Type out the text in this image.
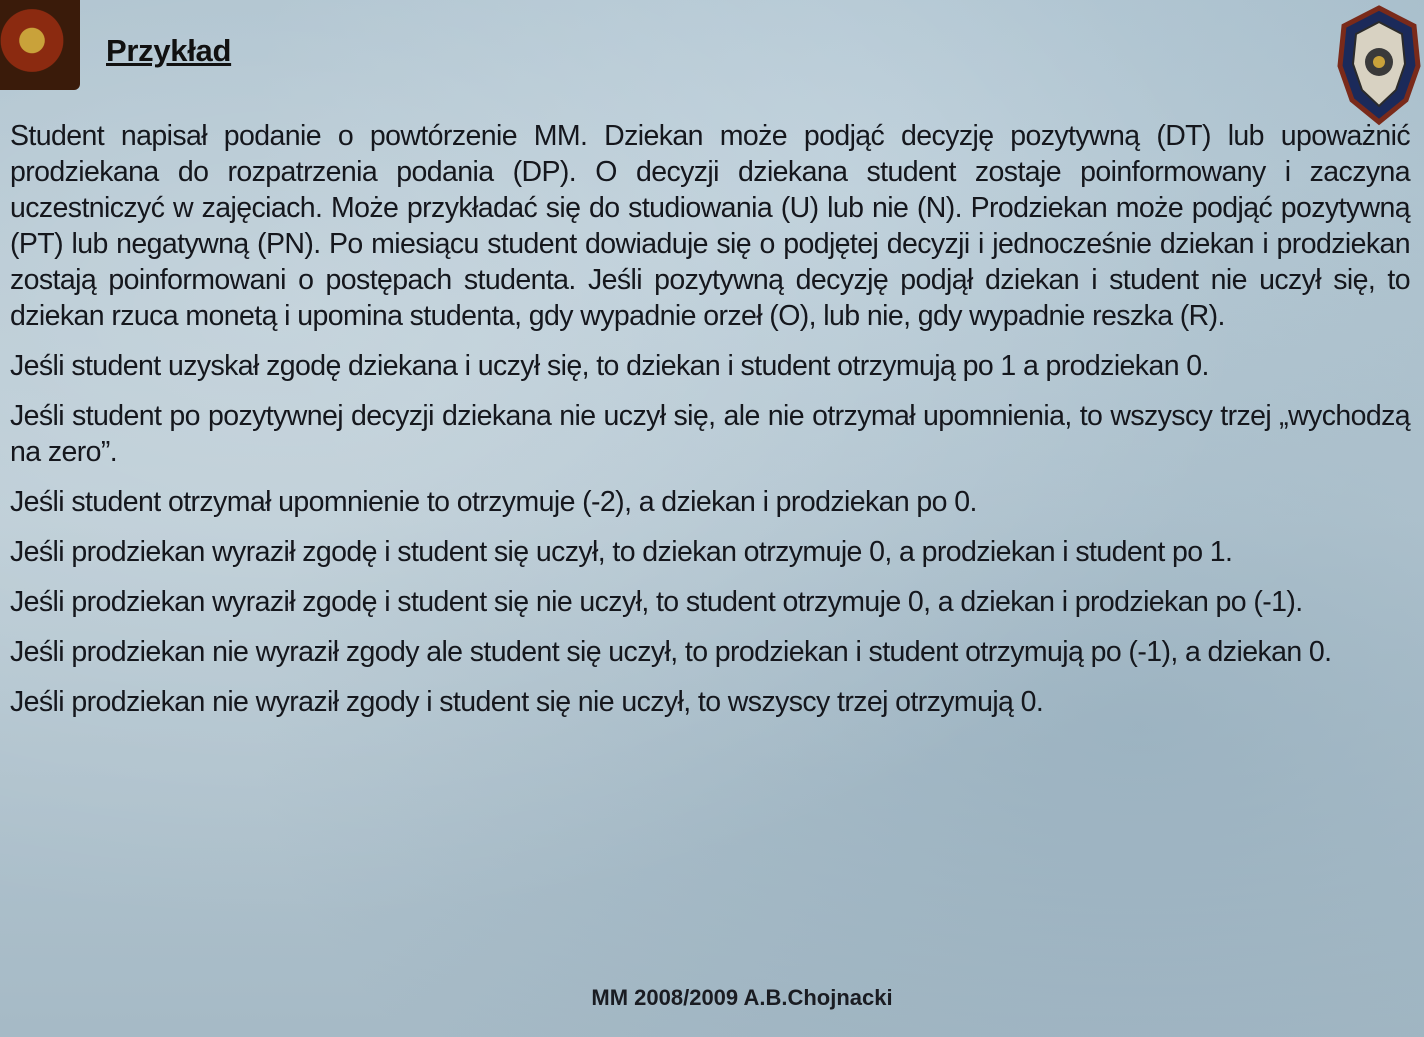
Przykład

Student napisał podanie o powtórzenie MM. Dziekan może podjąć decyzję pozytywną (DT) lub upoważnić prodziekana do rozpatrzenia podania (DP). O decyzji dziekana student zostaje poinformowany i zaczyna uczestniczyć w zajęciach. Może przykładać się do studiowania (U) lub nie (N). Prodziekan może podjąć pozytywną (PT) lub negatywną (PN). Po miesiącu student dowiaduje się o podjętej decyzji i jednocześnie dziekan i prodziekan zostają poinformowani o postępach studenta. Jeśli pozytywną decyzję podjął dziekan i student nie uczył się, to dziekan rzuca monetą i upomina studenta, gdy wypadnie orzeł (O), lub nie, gdy wypadnie reszka (R).

Jeśli student uzyskał zgodę dziekana i uczył się, to dziekan i student otrzymują po 1 a prodziekan 0.

Jeśli student po pozytywnej decyzji dziekana nie uczył się, ale nie otrzymał upomnienia, to wszyscy trzej „wychodzą na zero”.

Jeśli student otrzymał upomnienie to otrzymuje (-2), a dziekan i prodziekan po 0.

Jeśli prodziekan wyraził zgodę i student się uczył, to dziekan otrzymuje 0, a prodziekan i student po 1.

Jeśli prodziekan wyraził zgodę i student się nie uczył, to student otrzymuje 0, a dziekan i prodziekan po (-1).

Jeśli prodziekan nie wyraził zgody ale student się uczył, to prodziekan i student otrzymują po (-1), a dziekan 0.

Jeśli prodziekan nie wyraził zgody i student się nie uczył, to wszyscy trzej otrzymują 0.

MM 2008/2009 A.B.Chojnacki
